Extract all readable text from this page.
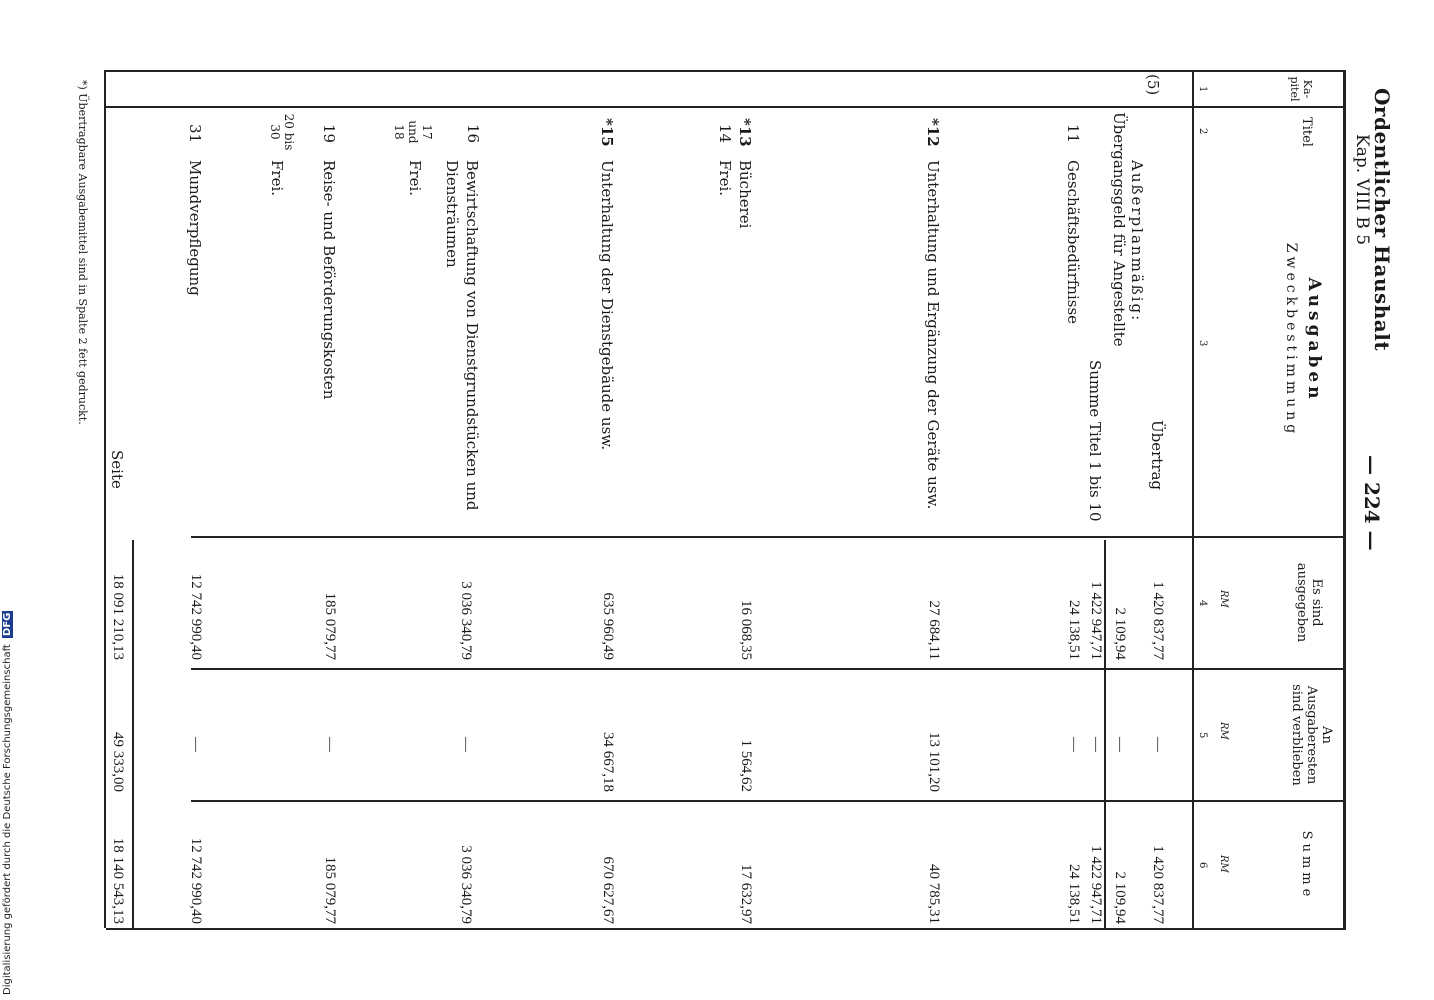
Digitalisierung gefördert durch die Deutsche Forschungsgemeinschaft DFG
Ordentlicher Haushalt
Kap. VIII B 5
— 224 —
Ka-pitel
Titel
Ausgaben
Zweckbestimmung
Es sind ausgegeben
An Ausgaberesten sind verblieben
Summe
RM
RM
RM
1
2
3
4
5
6
(5)
Übertrag
1 420 837,77
—
1 420 837,77
Außerplanmäßig:
Übergangsgeld für Angestellte
2 109,94
—
2 109,94
Summe Titel 1 bis 10
1 422 947,71
—
1 422 947,71
11
Geschäftsbedürfnisse
24 138,51
—
24 138,51
*12
Unterhaltung und Ergänzung der Geräte usw.
27 684,11
13 101,20
40 785,31
*13
Bücherei
16 068,35
1 564,62
17 632,97
14
Frei.
*15
Unterhaltung der Dienstgebäude usw.
635 960,49
34 667,18
670 627,67
16
Bewirtschaftung von Dienstgrundstücken und Diensträumen
3 036 340,79
—
3 036 340,79
17 und 18
Frei.
19
Reise- und Beförderungskosten
185 079,77
—
185 079,77
20 bis 30
Frei.
31
Mundverpflegung
12 742 990,40
—
12 742 990,40
Seite
18 091 210,13
49 333,00
18 140 543,13
*) Übertragbare Ausgabemittel sind in Spalte 2 fett gedruckt.
